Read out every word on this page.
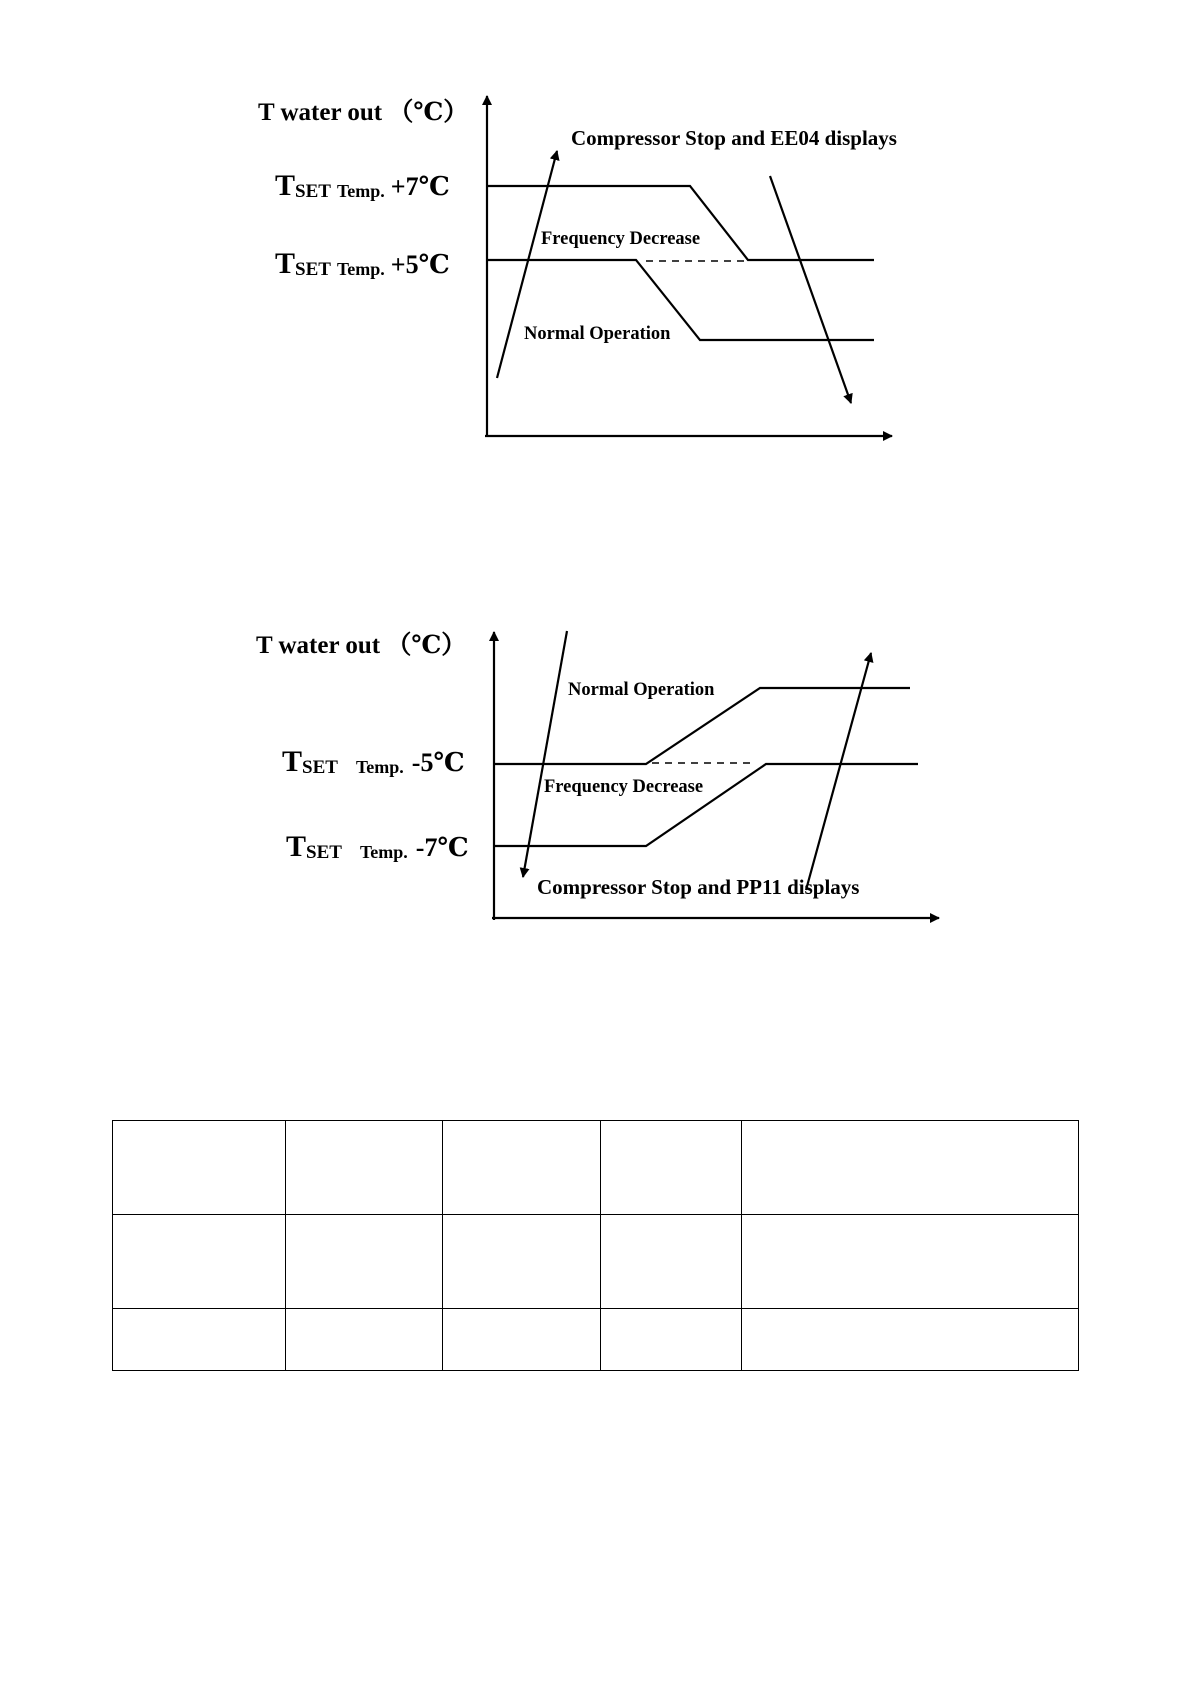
T water out （℃）
TSET Temp. +7℃
TSET Temp. +5℃
Compressor Stop and EE04 displays
Frequency Decrease
Normal Operation
T water out （℃）
TSET Temp. -5℃
TSET Temp. -7℃
Normal Operation
Frequency Decrease
Compressor Stop and PP11 displays
